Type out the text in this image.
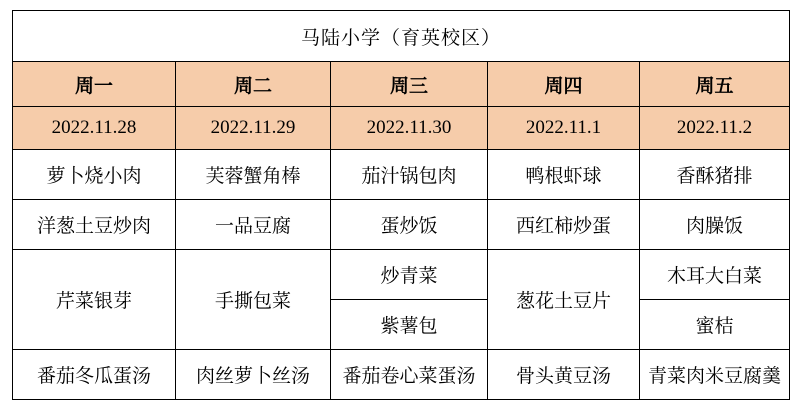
马陆小学（育英校区）				
周一	周二	周三	周四	周五
2022.11.28	2022.11.29	2022.11.30	2022.11.1	2022.11.2
萝卜烧小肉	芙蓉蟹角棒	茄汁锅包肉	鸭根虾球	香酥猪排
洋葱土豆炒肉	一品豆腐	蛋炒饭	西红柿炒蛋	肉臊饭
芹菜银芽	手撕包菜	炒青菜	葱花土豆片	木耳大白菜
		紫薯包		蜜桔
番茄冬瓜蛋汤	肉丝萝卜丝汤	番茄卷心菜蛋汤	骨头黄豆汤	青菜肉米豆腐羹
